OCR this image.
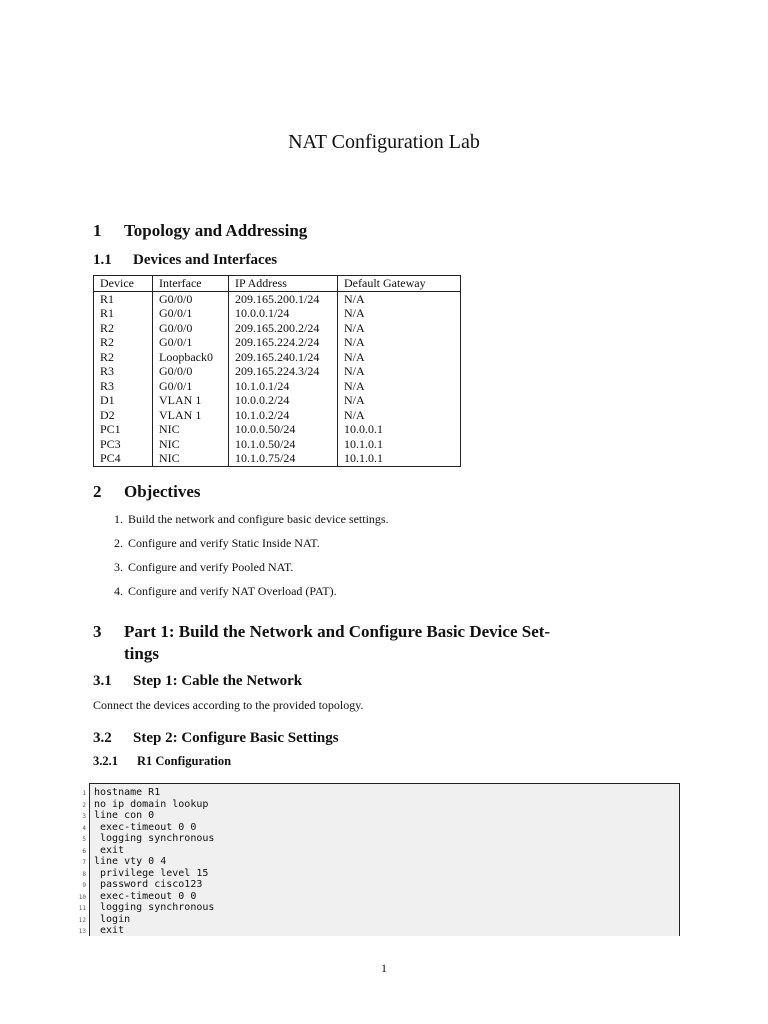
NAT Configuration Lab
1 Topology and Addressing
1.1 Devices and Interfaces
Device	Interface	IP Address	Default Gateway
R1	G0/0/0	209.165.200.1/24	N/A
R1	G0/0/1	10.0.0.1/24	N/A
R2	G0/0/0	209.165.200.2/24	N/A
R2	G0/0/1	209.165.224.2/24	N/A
R2	Loopback0	209.165.240.1/24	N/A
R3	G0/0/0	209.165.224.3/24	N/A
R3	G0/0/1	10.1.0.1/24	N/A
D1	VLAN 1	10.0.0.2/24	N/A
D2	VLAN 1	10.1.0.2/24	N/A
PC1	NIC	10.0.0.50/24	10.0.0.1
PC3	NIC	10.1.0.50/24	10.1.0.1
PC4	NIC	10.1.0.75/24	10.1.0.1
2 Objectives
1. Build the network and configure basic device settings.
2. Configure and verify Static Inside NAT.
3. Configure and verify Pooled NAT.
4. Configure and verify NAT Overload (PAT).
3 Part 1: Build the Network and Configure Basic Device Set-
tings
3.1 Step 1: Cable the Network
Connect the devices according to the provided topology.
3.2 Step 2: Configure Basic Settings
3.2.1 R1 Configuration
1 hostname R1
2 no ip domain lookup
3 line con 0
4 exec-timeout 0 0
5 logging synchronous
6 exit
7 line vty 0 4
8 privilege level 15
9 password cisco123
10 exec-timeout 0 0
11 logging synchronous
12 login
13 exit
1
